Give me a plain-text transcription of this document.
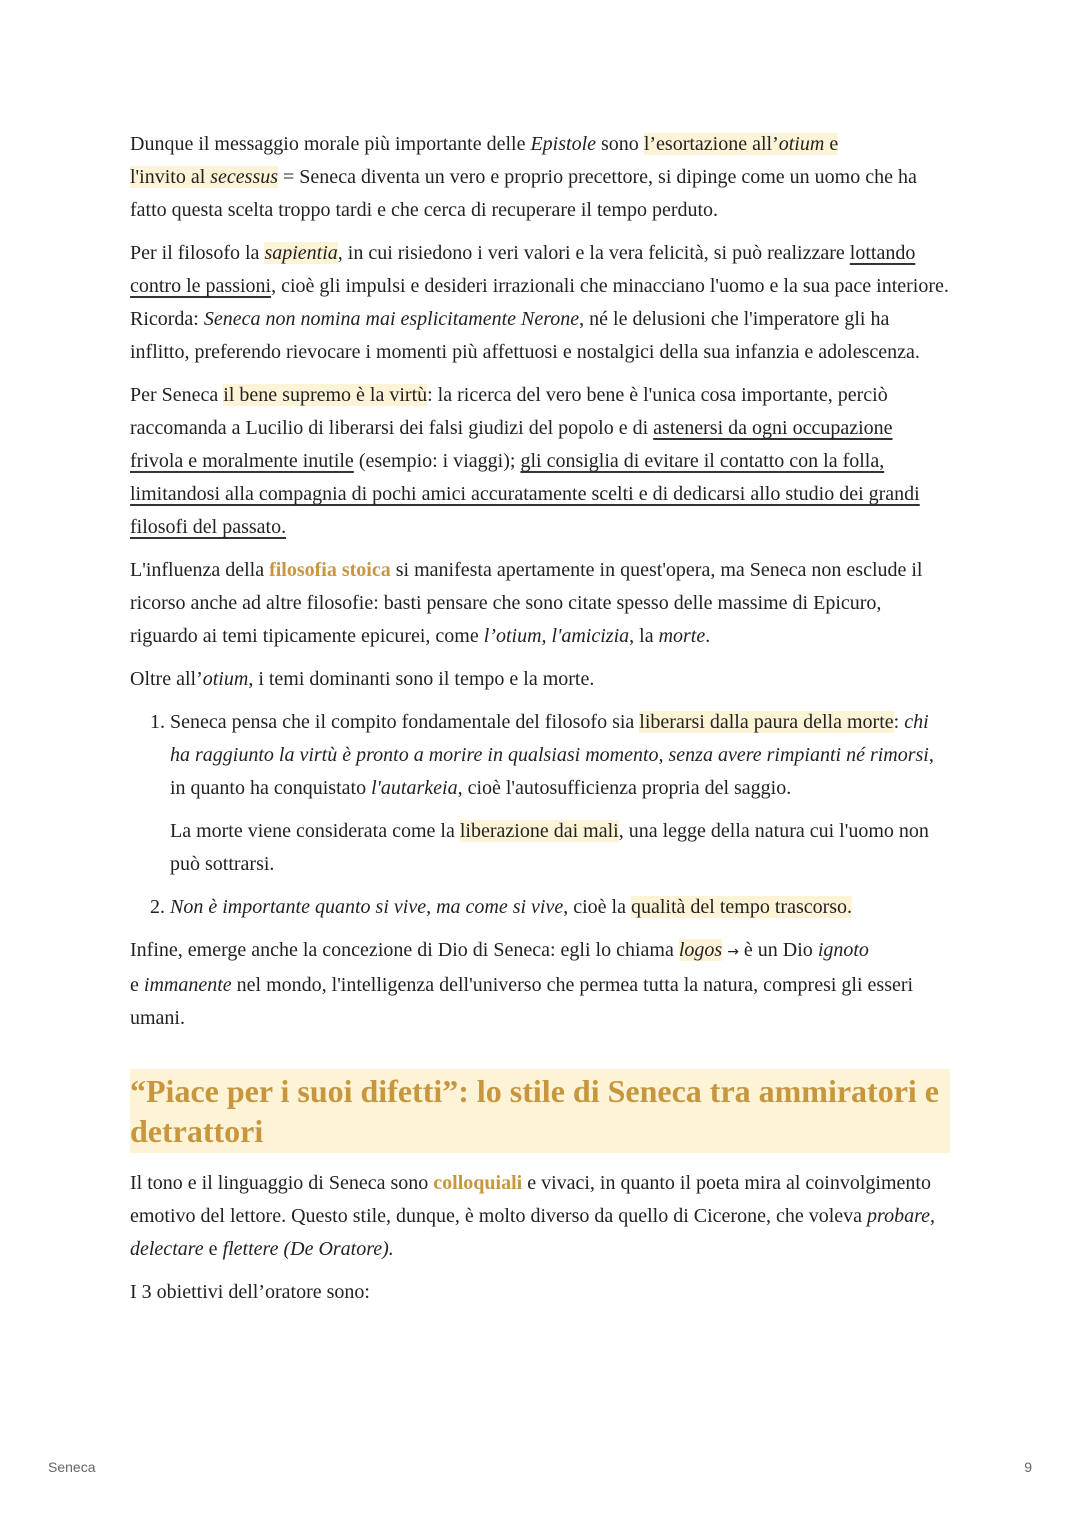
Dunque il messaggio morale più importante delle Epistole sono l’esortazione all’otium e
l'invito al secessus = Seneca diventa un vero e proprio precettore, si dipinge come un uomo che ha fatto questa scelta troppo tardi e che cerca di recuperare il tempo perduto.

Per il filosofo la sapientia, in cui risiedono i veri valori e la vera felicità, si può realizzare lottando contro le passioni, cioè gli impulsi e desideri irrazionali che minacciano l'uomo e la sua pace interiore. Ricorda: Seneca non nomina mai esplicitamente Nerone, né le delusioni che l'imperatore gli ha inflitto, preferendo rievocare i momenti più affettuosi e nostalgici della sua infanzia e adolescenza.

Per Seneca il bene supremo è la virtù: la ricerca del vero bene è l'unica cosa importante, perciò raccomanda a Lucilio di liberarsi dei falsi giudizi del popolo e di astenersi da ogni occupazione frivola e moralmente inutile (esempio: i viaggi); gli consiglia di evitare il contatto con la folla, limitandosi alla compagnia di pochi amici accuratamente scelti e di dedicarsi allo studio dei grandi filosofi del passato.

L'influenza della filosofia stoica si manifesta apertamente in quest'opera, ma Seneca non esclude il ricorso anche ad altre filosofie: basti pensare che sono citate spesso delle massime di Epicuro, riguardo ai temi tipicamente epicurei, come l’otium, l'amicizia, la morte.

Oltre all’otium, i temi dominanti sono il tempo e la morte.

1. Seneca pensa che il compito fondamentale del filosofo sia liberarsi dalla paura della morte: chi ha raggiunto la virtù è pronto a morire in qualsiasi momento, senza avere rimpianti né rimorsi, in quanto ha conquistato l'autarkeia, cioè l'autosufficienza propria del saggio.

La morte viene considerata come la liberazione dai mali, una legge della natura cui l'uomo non può sottrarsi.

2. Non è importante quanto si vive, ma come si vive, cioè la qualità del tempo trascorso.

Infine, emerge anche la concezione di Dio di Seneca: egli lo chiama logos → è un Dio ignoto
e immanente nel mondo, l'intelligenza dell'universo che permea tutta la natura, compresi gli esseri umani.

“Piace per i suoi difetti”: lo stile di Seneca tra ammiratori e detrattori

Il tono e il linguaggio di Seneca sono colloquiali e vivaci, in quanto il poeta mira al coinvolgimento emotivo del lettore. Questo stile, dunque, è molto diverso da quello di Cicerone, che voleva probare, delectare e flettere (De Oratore).

I 3 obiettivi dell’oratore sono:

Seneca	9
